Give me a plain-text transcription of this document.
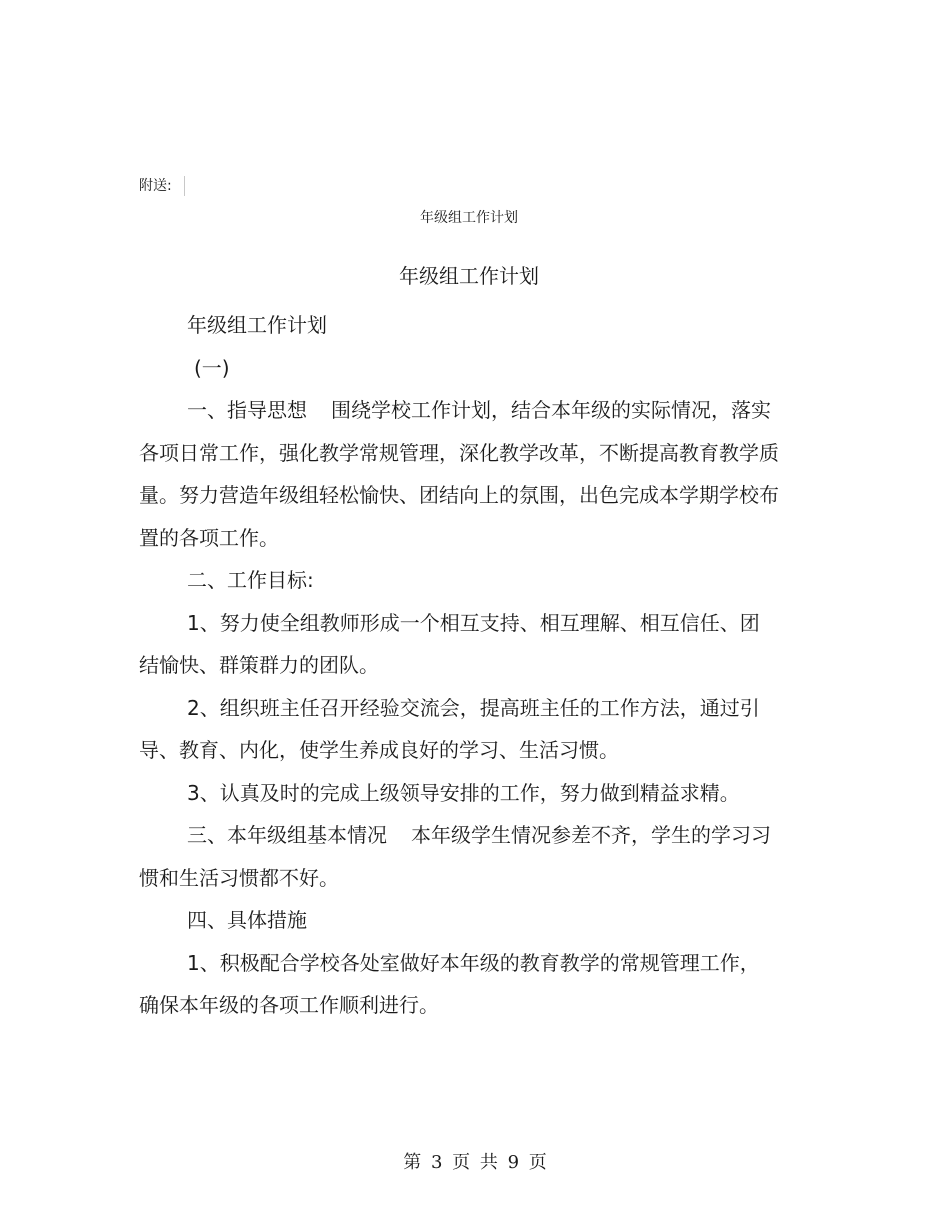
附送:
年级组工作计划
年级组工作计划

年级组工作计划

(一)

一、指导思想 围绕学校工作计划，结合本年级的实际情况，落实各项日常工作，强化教学常规管理，深化教学改革，不断提高教育教学质量。努力营造年级组轻松愉快、团结向上的氛围，出色完成本学期学校布置的各项工作。

二、工作目标:

1、努力使全组教师形成一个相互支持、相互理解、相互信任、团结愉快、群策群力的团队。

2、组织班主任召开经验交流会，提高班主任的工作方法，通过引导、教育、内化，使学生养成良好的学习、生活习惯。

3、认真及时的完成上级领导安排的工作，努力做到精益求精。

三、本年级组基本情况 本年级学生情况参差不齐，学生的学习习惯和生活习惯都不好。

四、具体措施

1、积极配合学校各处室做好本年级的教育教学的常规管理工作，确保本年级的各项工作顺利进行。

第 3 页 共 9 页
